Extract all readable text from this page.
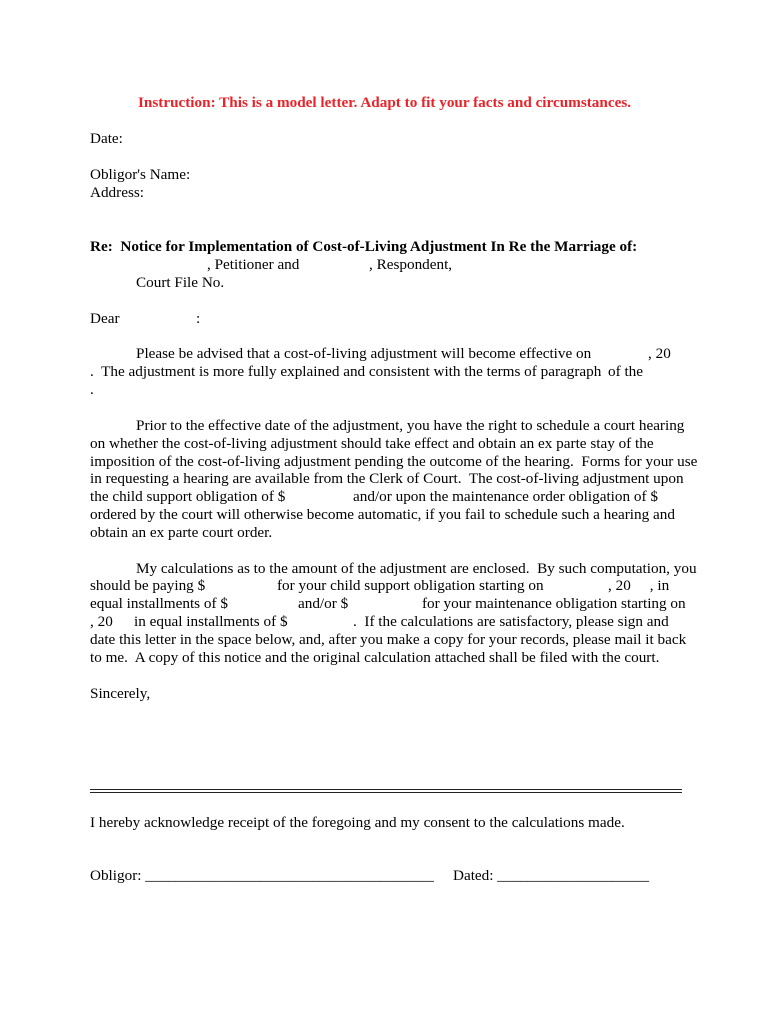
Instruction: This is a model letter. Adapt to fit your facts and circumstances.
Date:
Obligor's Name:
Address:
Re:  Notice for Implementation of Cost-of-Living Adjustment In Re the Marriage of:
, Petitioner and	, Respondent,
Court File No.
Dear	:
Please be advised that a cost-of-living adjustment will become effective on	, 20
.  The adjustment is more fully explained and consistent with the terms of paragraph of the
.
Prior to the effective date of the adjustment, you have the right to schedule a court hearing
on whether the cost-of-living adjustment should take effect and obtain an ex parte stay of the
imposition of the cost-of-living adjustment pending the outcome of the hearing.  Forms for your use
in requesting a hearing are available from the Clerk of Court.  The cost-of-living adjustment upon
the child support obligation of $	and/or upon the maintenance order obligation of $
ordered by the court will otherwise become automatic, if you fail to schedule such a hearing and
obtain an ex parte court order.
My calculations as to the amount of the adjustment are enclosed.  By such computation, you
should be paying $	for your child support obligation starting on	, 20     , in
equal installments of $	and/or $	for your maintenance obligation starting on
, 20 in equal installments of $	.  If the calculations are satisfactory, please sign and
date this letter in the space below, and, after you make a copy for your records, please mail it back
to me.  A copy of this notice and the original calculation attached shall be filed with the court.
Sincerely,
I hereby acknowledge receipt of the foregoing and my consent to the calculations made.
Obligor: ______________________________________ Dated: ____________________
